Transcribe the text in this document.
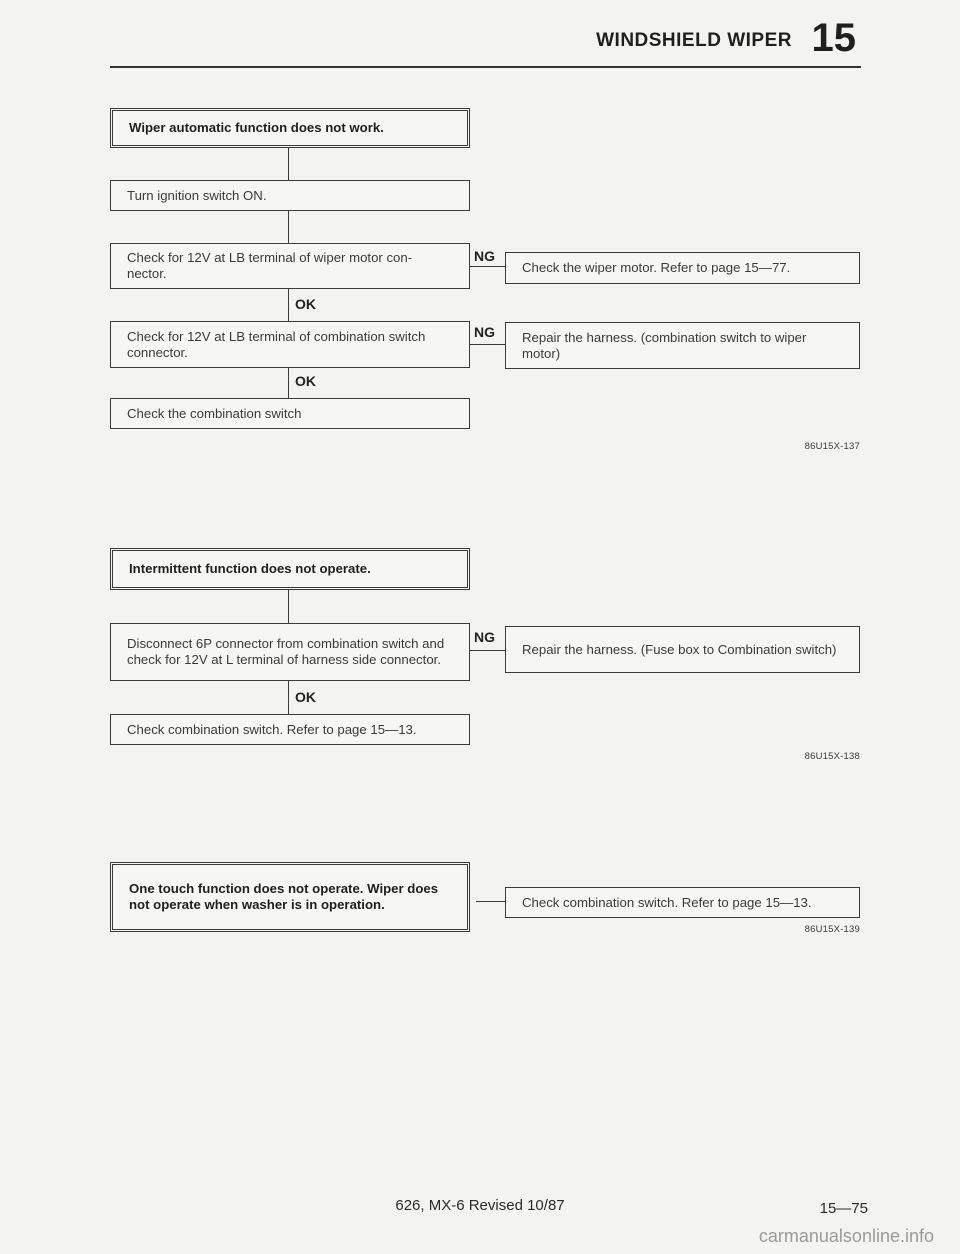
WINDSHIELD WIPER 15
Wiper automatic function does not work.
Turn ignition switch ON.
Check for 12V at LB terminal of wiper motor con- nector.
NG
Check the wiper motor. Refer to page 15—77.
OK
Check for 12V at LB terminal of combination switch connector.
NG Repair the harness. (combination switch to wiper motor)
OK
Check the combination switch
86U15X-137
Intermittent function does not operate.
Disconnect 6P connector from combination switch and check for 12V at L terminal of harness side connector.
NG
Repair the harness. (Fuse box to Combination switch)
OK
Check combination switch. Refer to page 15—13.
86U15X-138
One touch function does not operate. Wiper does not operate when washer is in operation.	Check combination switch. Refer to page 15—13.
86U15X-139
626, MX-6 Revised 10/87	15—75
carmanualsonline.info
